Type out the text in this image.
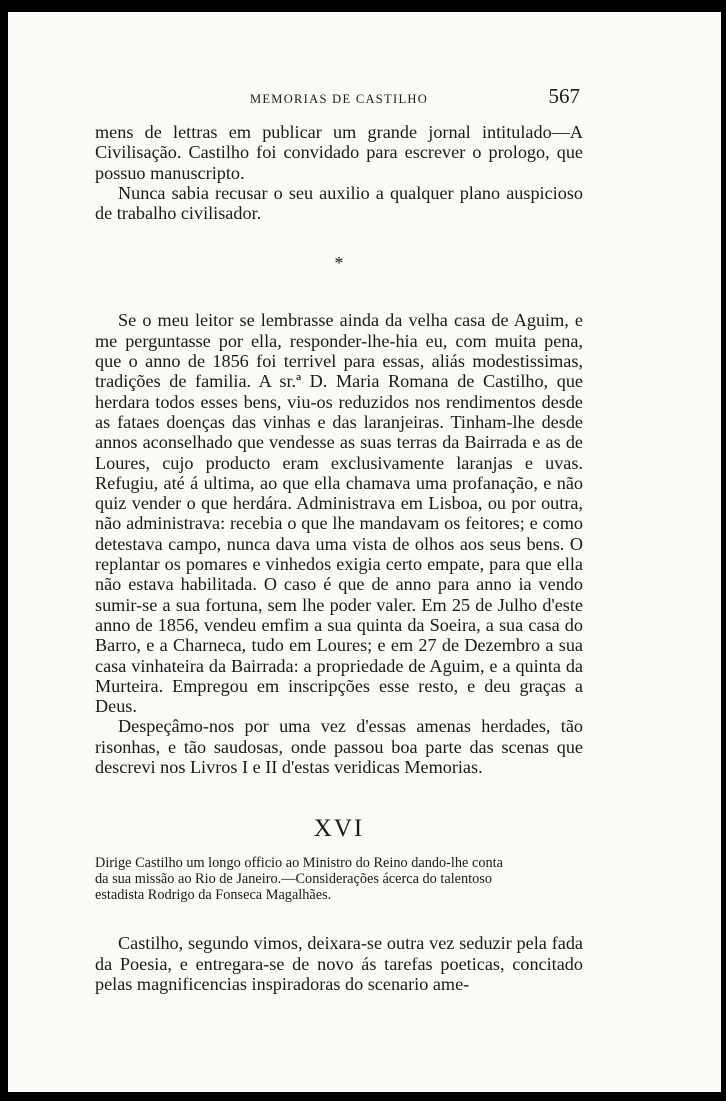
MEMORIAS DE CASTILHO	567

mens de lettras em publicar um grande jornal intitulado—A Civilisação. Castilho foi convidado para escrever o prologo, que possuo manuscripto.

Nunca sabia recusar o seu auxilio a qualquer plano auspicioso de trabalho civilisador.

*

Se o meu leitor se lembrasse ainda da velha casa de Aguim, e me perguntasse por ella, responder-lhe-hia eu, com muita pena, que o anno de 1856 foi terrivel para essas, aliás modestissimas, tradições de familia. A sr.ª D. Maria Romana de Castilho, que herdara todos esses bens, viu-os reduzidos nos rendimentos desde as fataes doenças das vinhas e das laranjeiras. Tinham-lhe desde annos aconselhado que vendesse as suas terras da Bairrada e as de Loures, cujo producto eram exclusivamente laranjas e uvas. Refugiu, até á ultima, ao que ella chamava uma profanação, e não quiz vender o que herdára. Administrava em Lisboa, ou por outra, não administrava: recebia o que lhe mandavam os feitores; e como detestava campo, nunca dava uma vista de olhos aos seus bens. O replantar os pomares e vinhedos exigia certo empate, para que ella não estava habilitada. O caso é que de anno para anno ia vendo sumir-se a sua fortuna, sem lhe poder valer. Em 25 de Julho d'este anno de 1856, vendeu emfim a sua quinta da Soeira, a sua casa do Barro, e a Charneca, tudo em Loures; e em 27 de Dezembro a sua casa vinhateira da Bairrada: a propriedade de Aguim, e a quinta da Murteira. Empregou em inscripções esse resto, e deu graças a Deus.

Despeçâmo-nos por uma vez d'essas amenas herdades, tão risonhas, e tão saudosas, onde passou boa parte das scenas que descrevi nos Livros I e II d'estas veridicas Memorias.

XVI
Dirige Castilho um longo officio ao Ministro do Reino dando-lhe conta
da sua missão ao Rio de Janeiro.—Considerações ácerca do talentoso
estadista Rodrigo da Fonseca Magalhães.

Castilho, segundo vimos, deixara-se outra vez seduzir pela fada da Poesia, e entregara-se de novo ás tarefas poeticas, concitado pelas magnificencias inspiradoras do scenario ame-
